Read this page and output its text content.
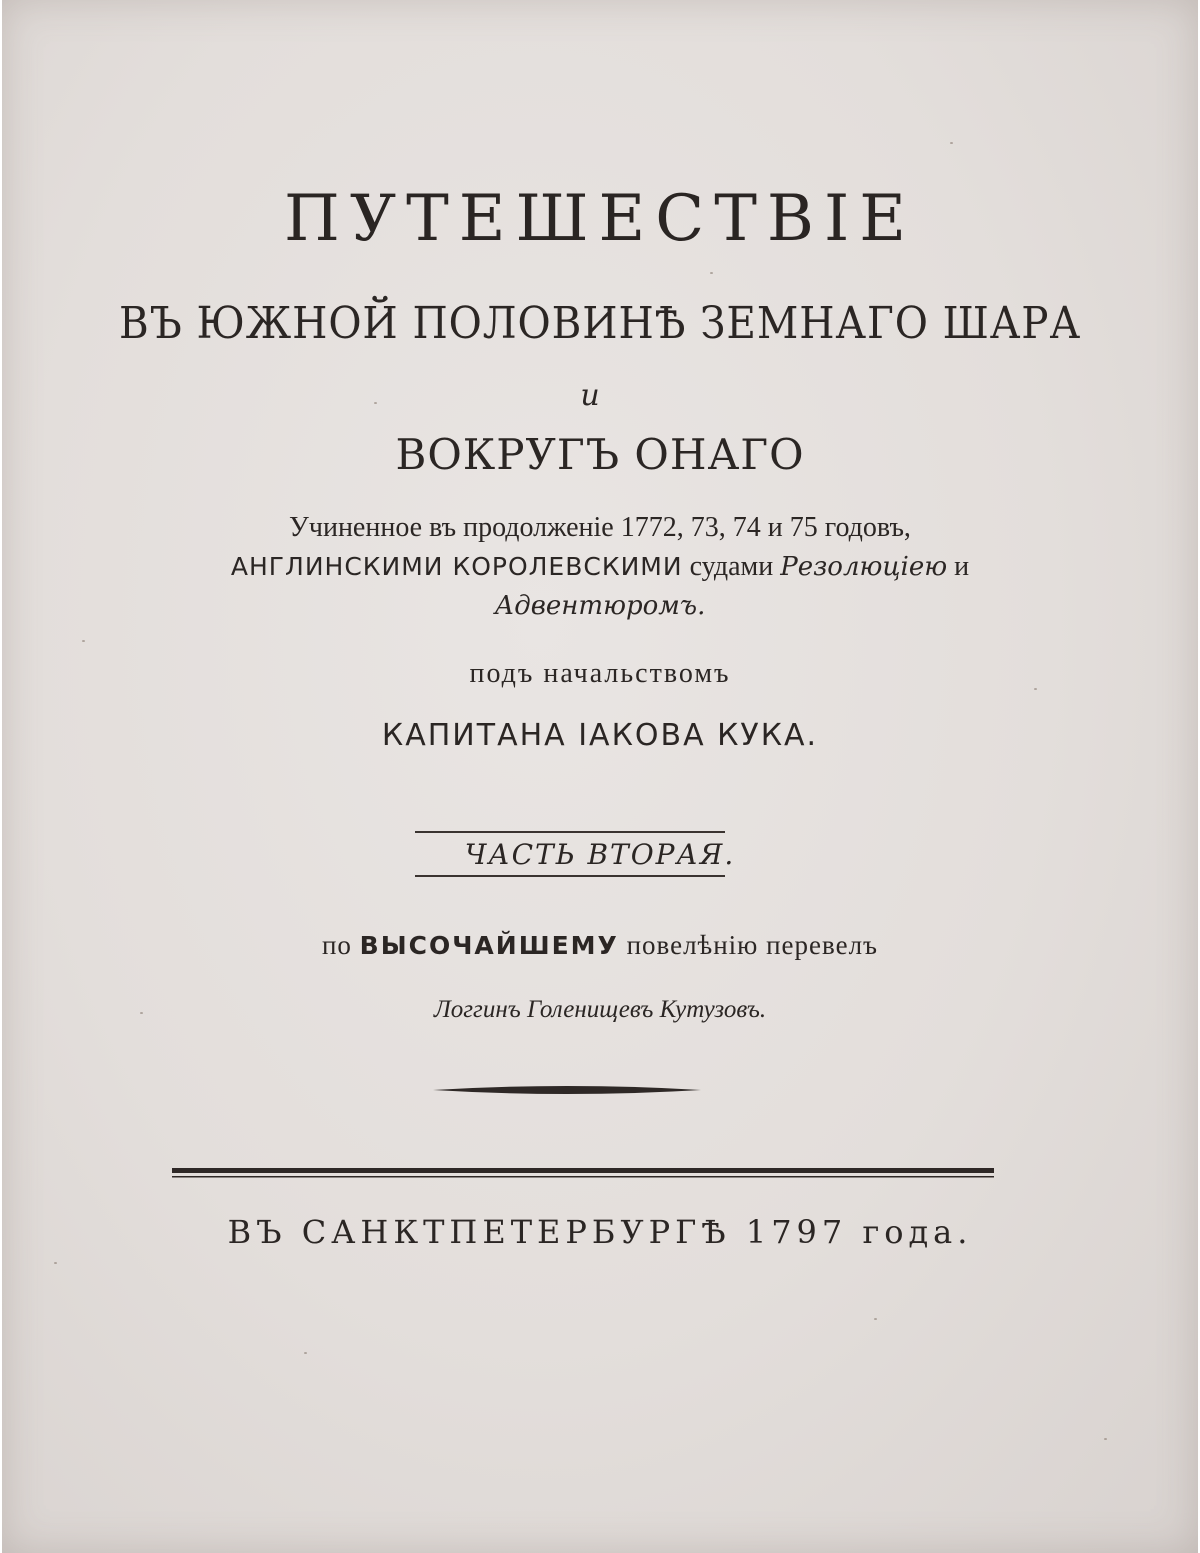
ПУТЕШЕСТВІЕ
ВЪ ЮЖНОЙ ПОЛОВИНѢ ЗЕМНАГО ШАРА
и
ВОКРУГЪ ОНАГО
Учиненное въ продолженіе 1772, 73, 74 и 75 годовъ,
АНГЛИНСКИМИ КОРОЛЕВСКИМИ судами Резолюціею и
Адвентюромъ.
подъ начальствомъ
КАПИТАНА ІАКОВА КУКА.
ЧАСТЬ ВТОРАЯ.
по ВЫСОЧАЙШЕМУ повелѣнію перевелъ
Логгинъ Голенищевъ Кутузовъ.
ВЪ САНКТПЕТЕРБУРГѢ 1797 года.
